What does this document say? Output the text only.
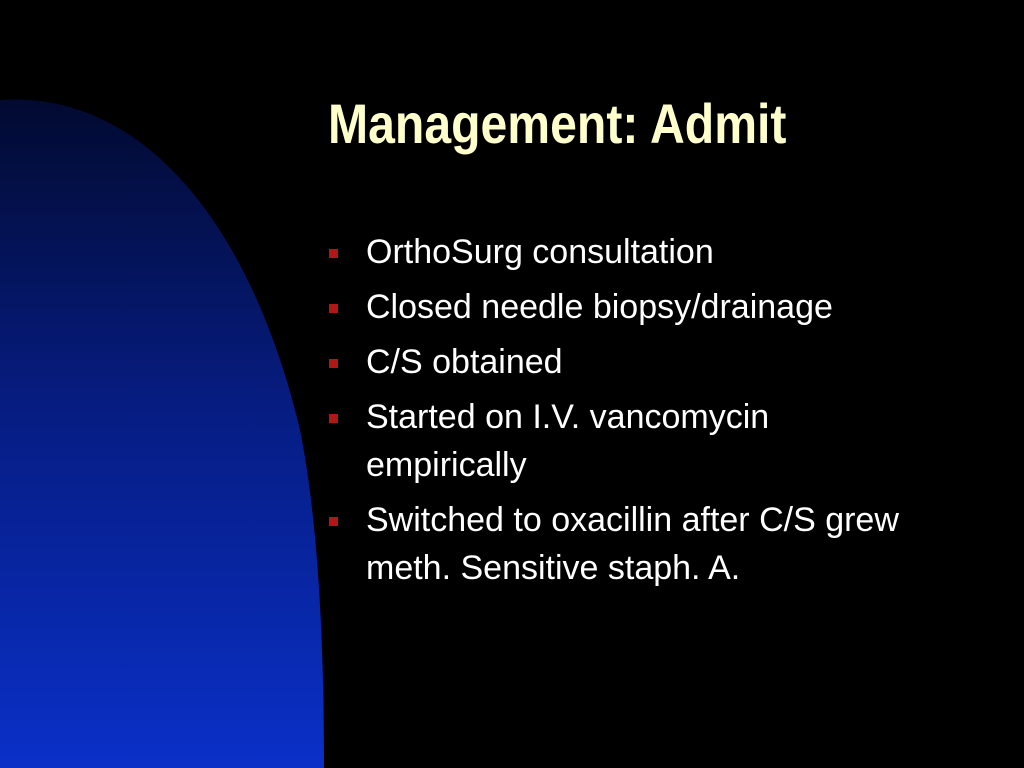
Management: Admit
OrthoSurg consultation
Closed needle biopsy/drainage
C/S obtained
Started on I.V. vancomycin empirically
Switched to oxacillin after C/S grew meth. Sensitive staph. A.
